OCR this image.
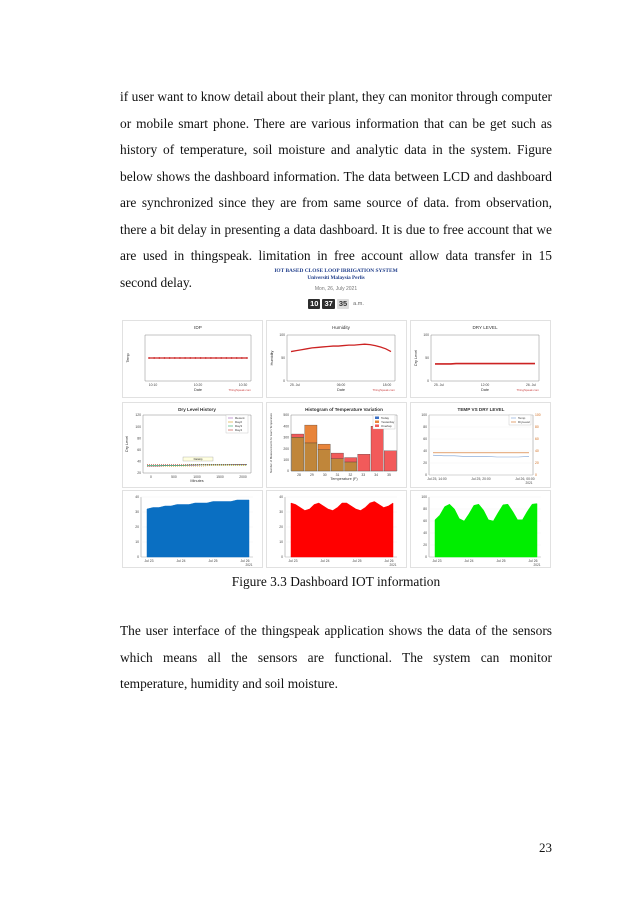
if user want to know detail about their plant, they can monitor through computer or mobile smart phone. There are various information that can be get such as history of temperature, soil moisture and analytic data in the system. Figure below shows the dashboard information. The data between LCD and dashboard are synchronized since they are from same source of data. from observation, there a bit delay in presenting a data dashboard. It is due to free account that we are used in thingspeak. limitation in free account allow data transfer in 15 second delay.

IOT BASED CLOSE LOOP IRRIGATION SYSTEM
Universiti Malaysia Perlis
Mon, 26, July 2021
10 37 35	a.m.
IDP
10:10	10:20	10:30
Date
Temp
ThingSpeak.com
Humidity
25. Jul	06:00	18:00
100
50
0
Date
Humidity
ThingSpeak.com
DRY LEVEL
25. Jul	12:00	26. Jul
100
50
0
Date
Dry Level
ThingSpeak.com
Dry Level History
0	500	1000	1500	2000
120
100
80
60
40
20
Minutes
Dry Level
Recent
Day2
Day3
Day4
Datatip
Histogram of Temperature Variation
28	29	30	31	32	33	34	35
500
400
300
200
100
0
Temperature (F)
Number of Measurements for Each Temperature	Today
Yesterday
Overlap
TEMP VS DRY LEVEL
Jul 25, 14:00	Jul 25, 20:00	Jul 26, 00:00
2021
100
80
60
40
20
0
100
80
60
40
20
0
Temp
DryLevel
Jul 23	Jul 24	Jul 25	Jul 26
2021
40
30
20
10
0
Jul 23	Jul 24	Jul 25	Jul 26
2021
40
30
20
10
0
Jul 23	Jul 24	Jul 25	Jul 26
2021
100
80
60
40
20
0
Figure 3.3 Dashboard IOT information

The user interface of the thingspeak application shows the data of the sensors which means all the sensors are functional. The system can monitor temperature, humidity and soil moisture.

23
